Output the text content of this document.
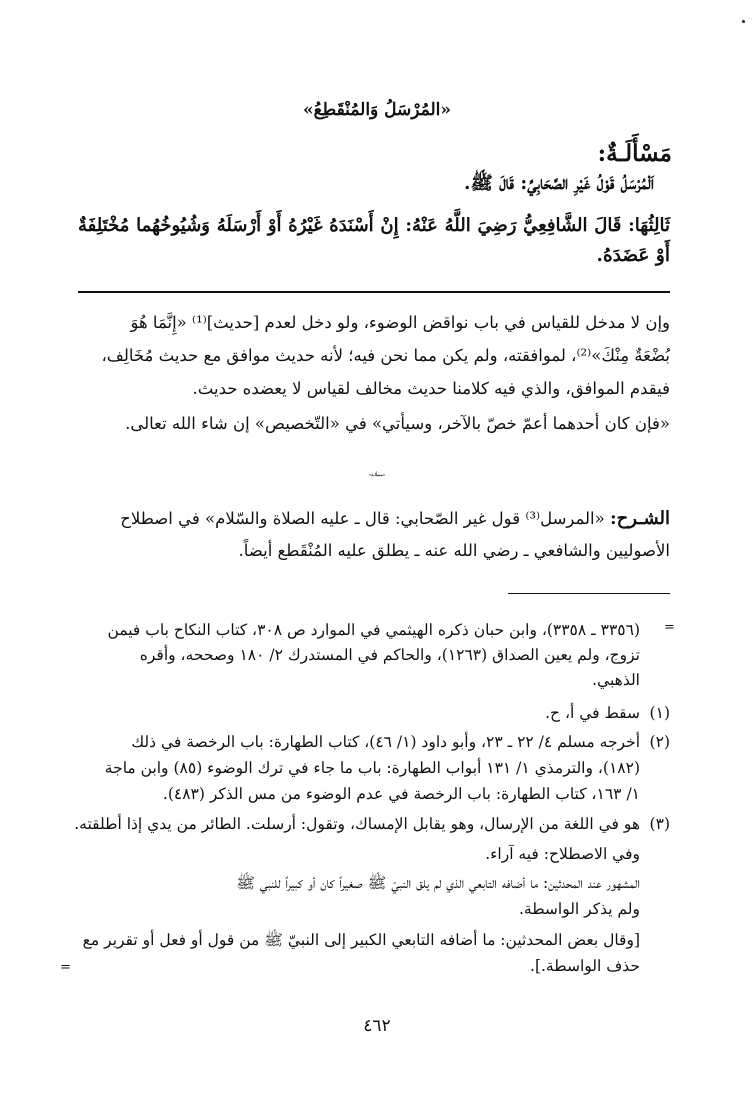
«المُرْسَلُ وَالمُنْقَطِعُ»
مَسْأَلَـةٌ:
اَلْمُرْسَلُ قَوْلُ غَيْرِ الصَّحَابِيِّ: قَالَ ﷺ.
ثَالِثُهَا: قَالَ الشَّافِعِيُّ رَضِيَ اللَّهُ عَنْهُ: إِنْ أَسْنَدَهُ غَيْرُهُ أَوْ أَرْسَلَهُ وَشُيُوخُهُما مُخْتَلِفَةٌ
أَوْ عَضَدَهُ.
وإن لا مدخل للقياس في باب نواقض الوضوء، ولو دخل لعدم [حديث]⁽¹⁾ «إِنَّمَا هُوَ
بُضْعَةٌ مِنْكَ»⁽²⁾، لموافقته، ولم يكن مما نحن فيه؛ لأنه حديث موافق مع حديث مُخَالِف،
فيقدم الموافق، والذي فيه كلامنا حديث مخالف لقياس لا يعضده حديث.
«فإن كان أحدهما أعمّ خصّ بالآخر، وسيأتي» في «التّخصيص» إن شاء الله تعالى.
«مسألـة»
الشـرح: «المرسل⁽³⁾ قول غير الصّحابي: قال ـ عليه الصلاة والسّلام» في اصطلاح
الأصوليين والشافعي ـ رضي الله عنه ـ يطلق عليه المُنْقَطع أيضاً.
=
(٣٣٥٦ ـ ٣٣٥٨)، وابن حبان ذكره الهيثمي في الموارد ص ٣٠٨، كتاب النكاح باب فيمن
تزوج، ولم يعين الصداق (١٢٦٣)، والحاكم في المستدرك ٢/ ١٨٠ وصححه، وأقره
الذهبي.
(١)
سقط في أ، ح.
(٢)
أخرجه مسلم ٤/ ٢٢ ـ ٢٣، وأبو داود (١/ ٤٦)، كتاب الطهارة: باب الرخصة في ذلك
(١٨٢)، والترمذي ١/ ١٣١ أبواب الطهارة: باب ما جاء في ترك الوضوء (٨٥) وابن ماجة
١/ ١٦٣، كتاب الطهارة: باب الرخصة في عدم الوضوء من مس الذكر (٤٨٣).
(٣)
هو في اللغة من الإرسال، وهو يقابل الإمساك، وتقول: أرسلت. الطائر من يدي إذا أطلقته.
وفي الاصطلاح: فيه آراء.
المشهور عند المحدثين: ما أضافه التابعي الذي لم يلق النبيّ ﷺ صغيراً كان أو كبيراً للنبي ﷺ
ولم يذكر الواسطة.
[وقال بعض المحدثين: ما أضافه التابعي الكبير إلى النبيّ ﷺ من قول أو فعل أو تقرير مع
حذف الواسطة.].
=
٤٦٢
